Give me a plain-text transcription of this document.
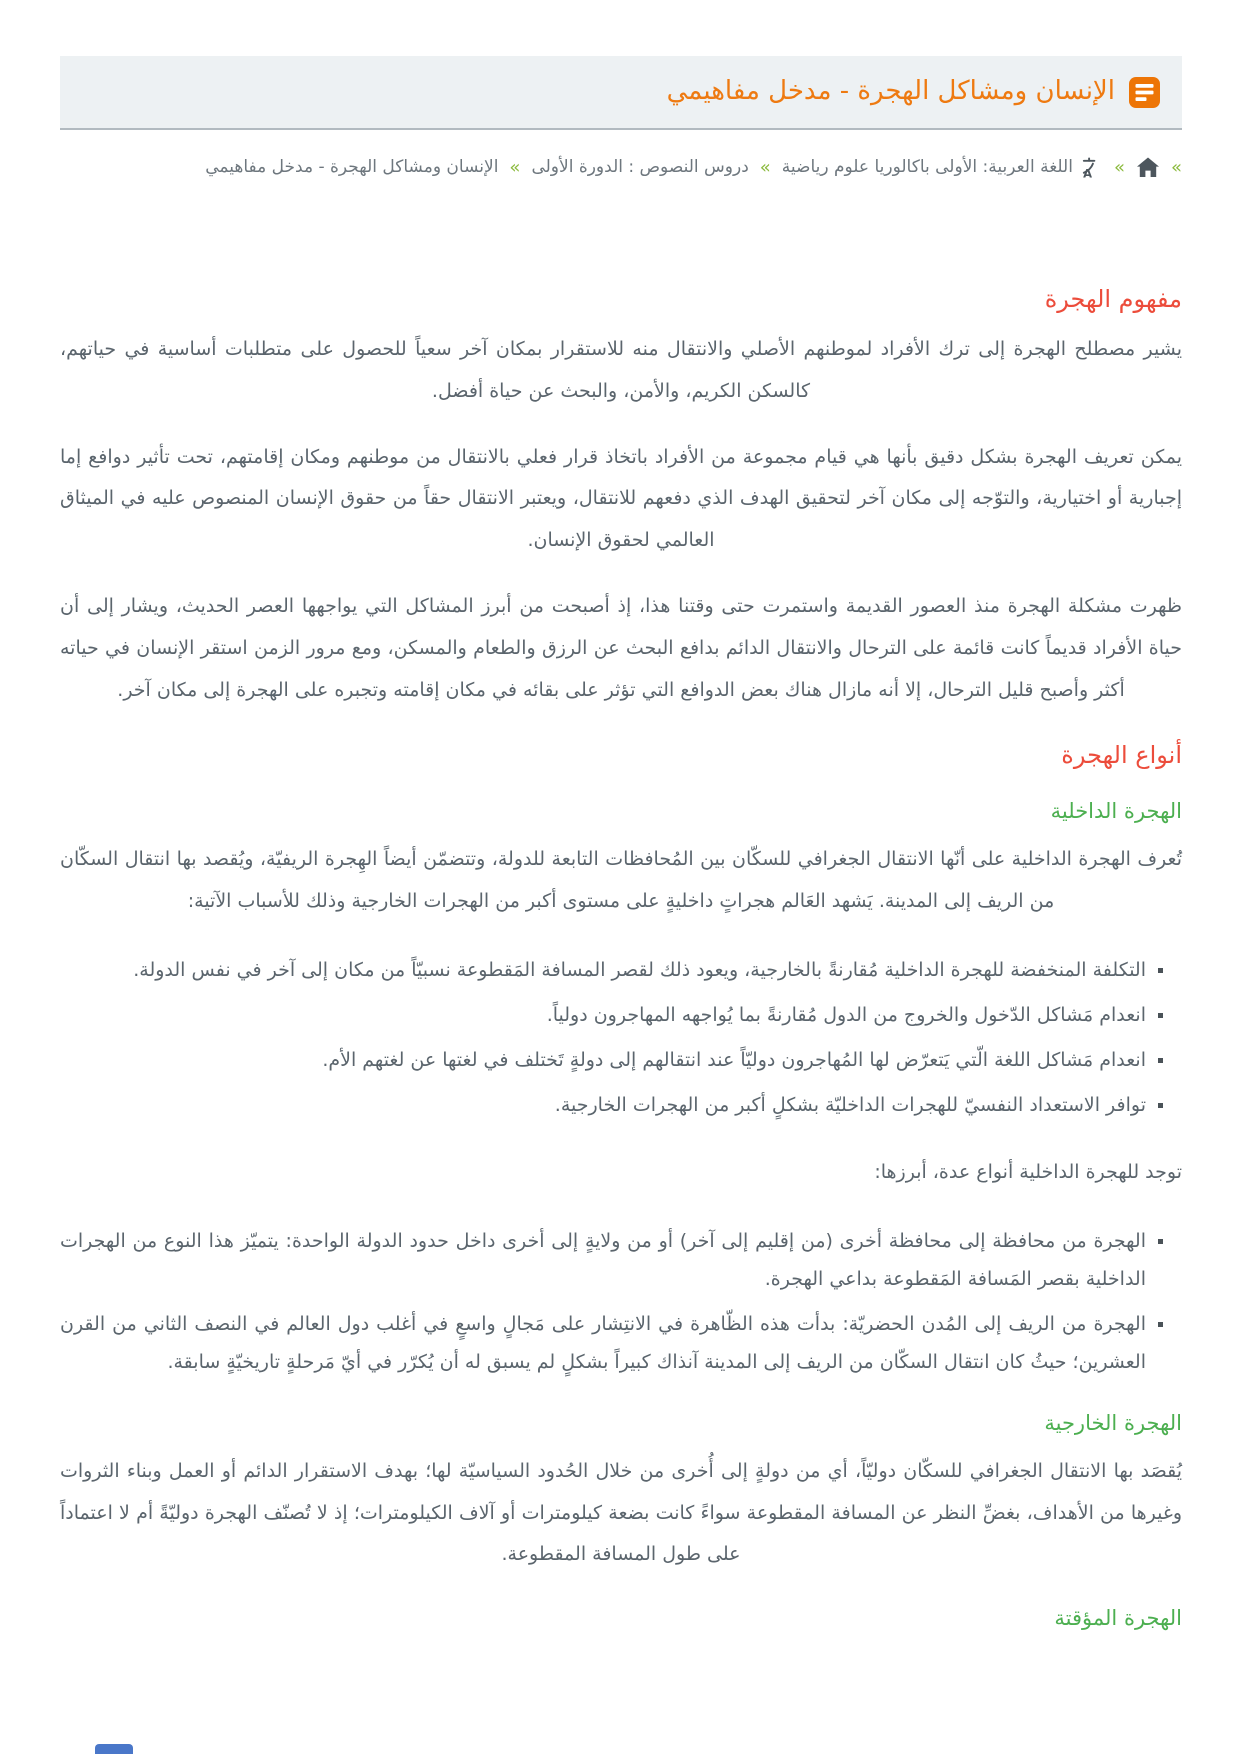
الإنسان ومشاكل الهجرة - مدخل مفاهيمي
«
«
A
اللغة العربية: الأولى باكالوريا علوم رياضية
«
دروس النصوص : الدورة الأولى
«
الإنسان ومشاكل الهجرة - مدخل مفاهيمي
مفهوم الهجرة

يشير مصطلح الهجرة إلى ترك الأفراد لموطنهم الأصلي والانتقال منه للاستقرار بمكان آخر سعياً للحصول على متطلبات أساسية في حياتهم، كالسكن الكريم، والأمن، والبحث عن حياة أفضل.

يمكن تعريف الهجرة بشكل دقيق بأنها هي قيام مجموعة من الأفراد باتخاذ قرار فعلي بالانتقال من موطنهم ومكان إقامتهم، تحت تأثير دوافع إما إجبارية أو اختيارية، والتوّجه إلى مكان آخر لتحقيق الهدف الذي دفعهم للانتقال، ويعتبر الانتقال حقاً من حقوق الإنسان المنصوص عليه في الميثاق العالمي لحقوق الإنسان.

ظهرت مشكلة الهجرة منذ العصور القديمة واستمرت حتى وقتنا هذا، إذ أصبحت من أبرز المشاكل التي يواجهها العصر الحديث، ويشار إلى أن حياة الأفراد قديماً كانت قائمة على الترحال والانتقال الدائم بدافع البحث عن الرزق والطعام والمسكن، ومع مرور الزمن استقر الإنسان في حياته أكثر وأصبح قليل الترحال، إلا أنه مازال هناك بعض الدوافع التي تؤثر على بقائه في مكان إقامته وتجبره على الهجرة إلى مكان آخر.

أنواع الهجرة
الهجرة الداخلية

تُعرف الهجرة الداخلية على أنّها الانتقال الجغرافي للسكّان بين المُحافظات التابعة للدولة، وتتضمّن أيضاً الهِجرة الريفيّة، ويُقصد بها انتقال السكّان من الريف إلى المدينة. يَشهد العَالم هجراتٍ داخليةٍ على مستوى أكبر من الهجرات الخارجية وذلك للأسباب الآتية:

▪ التكلفة المنخفضة للهجرة الداخلية مُقارنةً بالخارجية، ويعود ذلك لقصر المسافة المَقطوعة نسبيّاً من مكان إلى آخر في نفس الدولة.
▪ انعدام مَشاكل الدّخول والخروج من الدول مُقارنةً بما يُواجهه المهاجرون دولياً.
▪ انعدام مَشاكل اللغة الّتي يَتعرّض لها المُهاجرون دوليّاً عند انتقالهم إلى دولةٍ تَختلف في لغتها عن لغتهم الأم.
▪ توافر الاستعداد النفسيّ للهجرات الداخليّة بشكلٍ أكبر من الهجرات الخارجية.

توجد للهجرة الداخلية أنواع عدة، أبرزها:

▪ الهجرة من محافظة إلى محافظة أخرى (من إقليم إلى آخر) أو من ولايةٍ إلى أخرى داخل حدود الدولة الواحدة: يتميّز هذا النوع من الهجرات الداخلية بقصر المَسافة المَقطوعة بداعي الهجرة.
▪ الهجرة من الريف إلى المُدن الحضريّة: بدأت هذه الظّاهرة في الانتِشار على مَجالٍ واسعٍ في أغلب دول العالم في النصف الثاني من القرن العشرين؛ حيثُ كان انتقال السكّان من الريف إلى المدينة آنذاك كبيراً بشكلٍ لم يسبق له أن يُكرّر في أيّ مَرحلةٍ تاريخيّةٍ سابقة.
الهجرة الخارجية

يُقصَد بها الانتقال الجغرافي للسكّان دوليّاً، أي من دولةٍ إلى أُخرى من خلال الحُدود السياسيّة لها؛ بهدف الاستقرار الدائم أو العمل وبناء الثروات وغيرها من الأهداف، بغضِّ النظر عن المسافة المقطوعة سواءً كانت بضعة كيلومترات أو آلاف الكيلومترات؛ إذ لا تُصنّف الهجرة دوليّةً أم لا اعتماداً على طول المسافة المقطوعة.

الهجرة المؤقتة
